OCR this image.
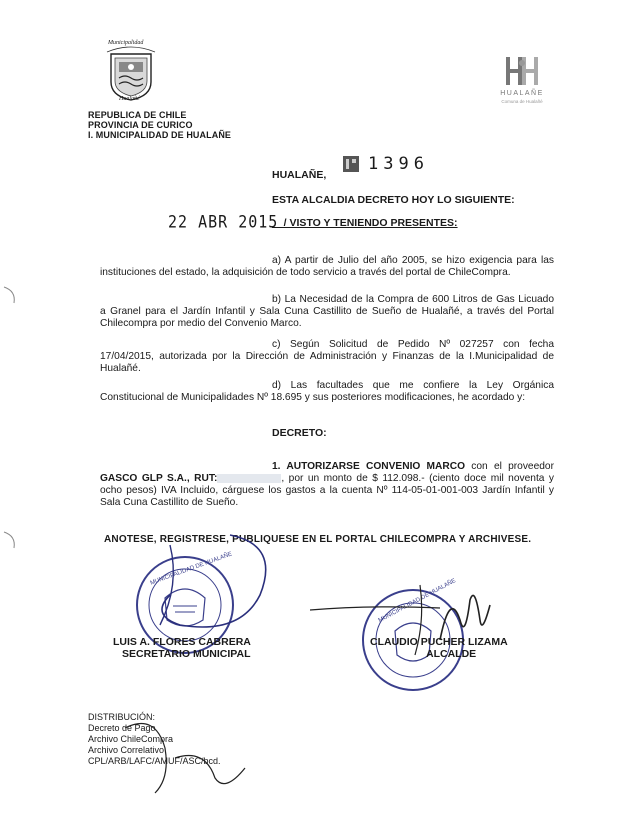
Municipalidad
Hualañé
REPUBLICA DE CHILE
PROVINCIA DE CURICO
I. MUNICIPALIDAD DE HUALAÑE
HUALAÑE
Comuna de Hualañé
HUALAÑE,
1396
ESTA ALCALDIA DECRETO HOY LO SIGUIENTE:
22 ABR 2015
__/ VISTO Y TENIENDO PRESENTES:
a) A partir de Julio del año 2005, se hizo exigencia para las instituciones del estado, la adquisición de todo servicio a través del portal de ChileCompra.
b) La Necesidad de la Compra de 600 Litros de Gas Licuado a Granel para el Jardín Infantil y Sala Cuna Castillito de Sueño de Hualañé, a través del Portal Chilecompra por medio del Convenio Marco.
c) Según Solicitud de Pedido Nº 027257 con fecha 17/04/2015, autorizada por la Dirección de Administración y Finanzas de la I.Municipalidad de Hualañé.
d) Las facultades que me confiere la Ley Orgánica Constitucional de Municipalidades Nº 18.695 y sus posteriores modificaciones, he acordado y:
DECRETO:
1. AUTORIZARSE CONVENIO MARCO con el proveedor GASCO GLP S.A., RUT:	, por un monto de $ 112.098.- (ciento doce mil noventa y ocho pesos) IVA Incluido, cárguese los gastos a la cuenta Nº 114-05-01-001-003 Jardín Infantil y Sala Cuna Castillito de Sueño.
ANOTESE, REGISTRESE, PUBLIQUESE EN EL PORTAL CHILECOMPRA Y ARCHIVESE.
MUNICIPALIDAD DE HUALAÑE
LUIS A. FLORES CABRERA
SECRETARIO MUNICIPAL
MUNICIPALIDAD DE HUALAÑE
CLAUDIO PUCHER LIZAMA
ALCALDE
DISTRIBUCIÓN:
Decreto de Pago
Archivo ChileCompra
Archivo Correlativo
CPL/ARB/LAFC/AMUF/ASC/bcd.
